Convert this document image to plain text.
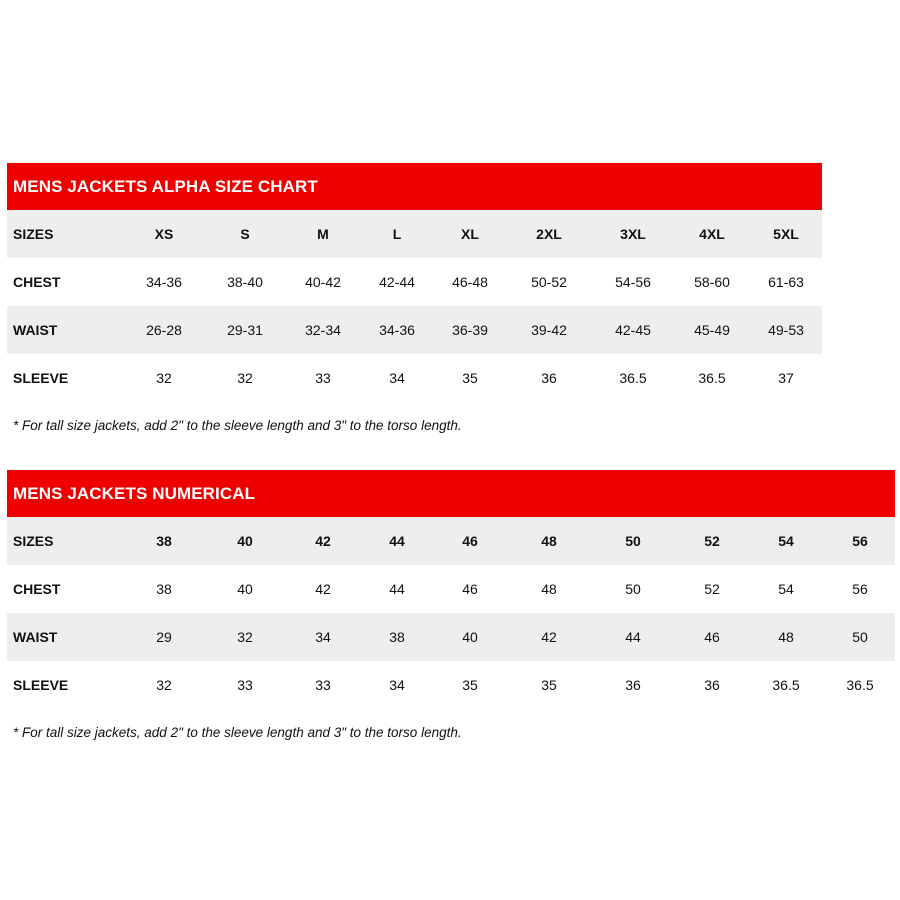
MENS JACKETS ALPHA SIZE CHART
SIZES	XS	S	M	L	XL	2XL	3XL	4XL	5XL
CHEST	34-36	38-40	40-42	42-44	46-48	50-52	54-56	58-60	61-63
WAIST	26-28	29-31	32-34	34-36	36-39	39-42	42-45	45-49	49-53
SLEEVE	32	32	33	34	35	36	36.5	36.5	37
* For tall size jackets, add 2" to the sleeve length and 3" to the torso length.
MENS JACKETS NUMERICAL
SIZES	38	40	42	44	46	48	50	52	54	56
CHEST	38	40	42	44	46	48	50	52	54	56
WAIST	29	32	34	38	40	42	44	46	48	50
SLEEVE	32	33	33	34	35	35	36	36	36.5	36.5
* For tall size jackets, add 2" to the sleeve length and 3" to the torso length.
